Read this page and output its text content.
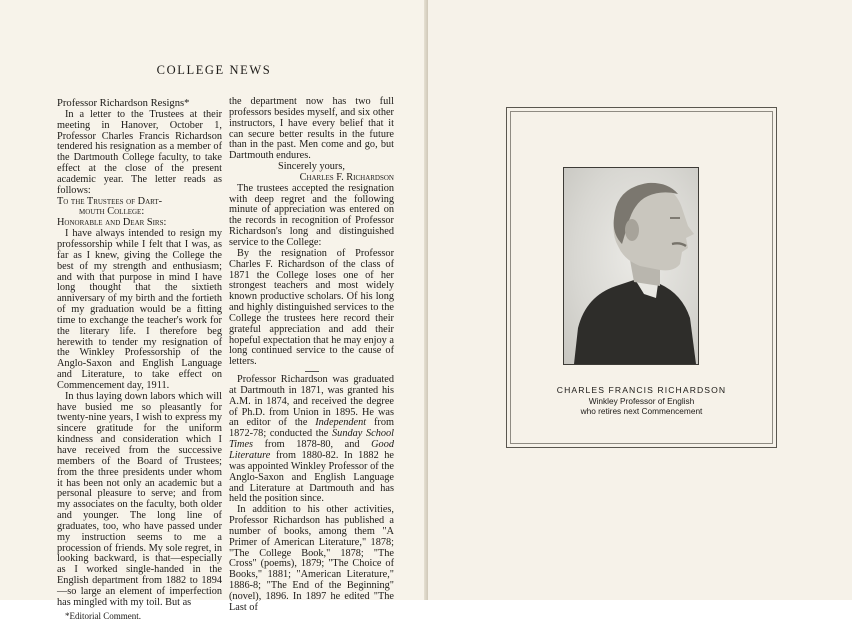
COLLEGE NEWS

Professor Richardson Resigns*

In a letter to the Trustees at their meeting in Hanover, October 1, Professor Charles Francis Richardson tendered his resignation as a member of the Dartmouth College faculty, to take effect at the close of the present academic year. The letter reads as follows:

To the Trustees of Dart-

mouth College:

Honorable and Dear Sirs:

I have always intended to resign my professorship while I felt that I was, as far as I knew, giving the College the best of my strength and enthusiasm; and with that purpose in mind I have long thought that the sixtieth anniversary of my birth and the fortieth of my graduation would be a fitting time to exchange the teacher's work for the literary life. I therefore beg herewith to tender my resignation of the Winkley Professorship of the Anglo-Saxon and English Language and Literature, to take effect on Commencement day, 1911.

In thus laying down labors which will have busied me so pleasantly for twenty-nine years, I wish to express my sincere gratitude for the uniform kindness and consideration which I have received from the successive members of the Board of Trustees; from the three presidents under whom it has been not only an academic but a personal pleasure to serve; and from my associates on the faculty, both older and younger. The long line of graduates, too, who have passed under my instruction seems to me a procession of friends. My sole regret, in looking backward, is that—especially as I worked single-handed in the English department from 1882 to 1894—so large an element of imperfection has mingled with my toil. But as

*Editorial Comment.

the department now has two full professors besides myself, and six other instructors, I have every belief that it can secure better results in the future than in the past. Men come and go, but Dartmouth endures.

Sincerely yours,

Charles F. Richardson

The trustees accepted the resignation with deep regret and the following minute of appreciation was entered on the records in recognition of Professor Richardson's long and distinguished service to the College:

By the resignation of Professor Charles F. Richardson of the class of 1871 the College loses one of her strongest teachers and most widely known productive scholars. Of his long and highly distinguished services to the College the trustees here record their grateful appreciation and add their hopeful expectation that he may enjoy a long continued service to the cause of letters.

Professor Richardson was graduated at Dartmouth in 1871, was granted his A.M. in 1874, and received the degree of Ph.D. from Union in 1895. He was an editor of the Independent from 1872-78; conducted the Sunday School Times from 1878-80, and Good Literature from 1880-82. In 1882 he was appointed Winkley Professor of the Anglo-Saxon and English Language and Literature at Dartmouth and has held the position since.

In addition to his other activities, Professor Richardson has published a number of books, among them "A Primer of American Literature," 1878; "The College Book," 1878; "The Cross" (poems), 1879; "The Choice of Books," 1881; "American Literature," 1886-8; "The End of the Beginning" (novel), 1896. In 1897 he edited "The Last of

CHARLES FRANCIS RICHARDSON
Winkley Professor of English
who retires next Commencement
